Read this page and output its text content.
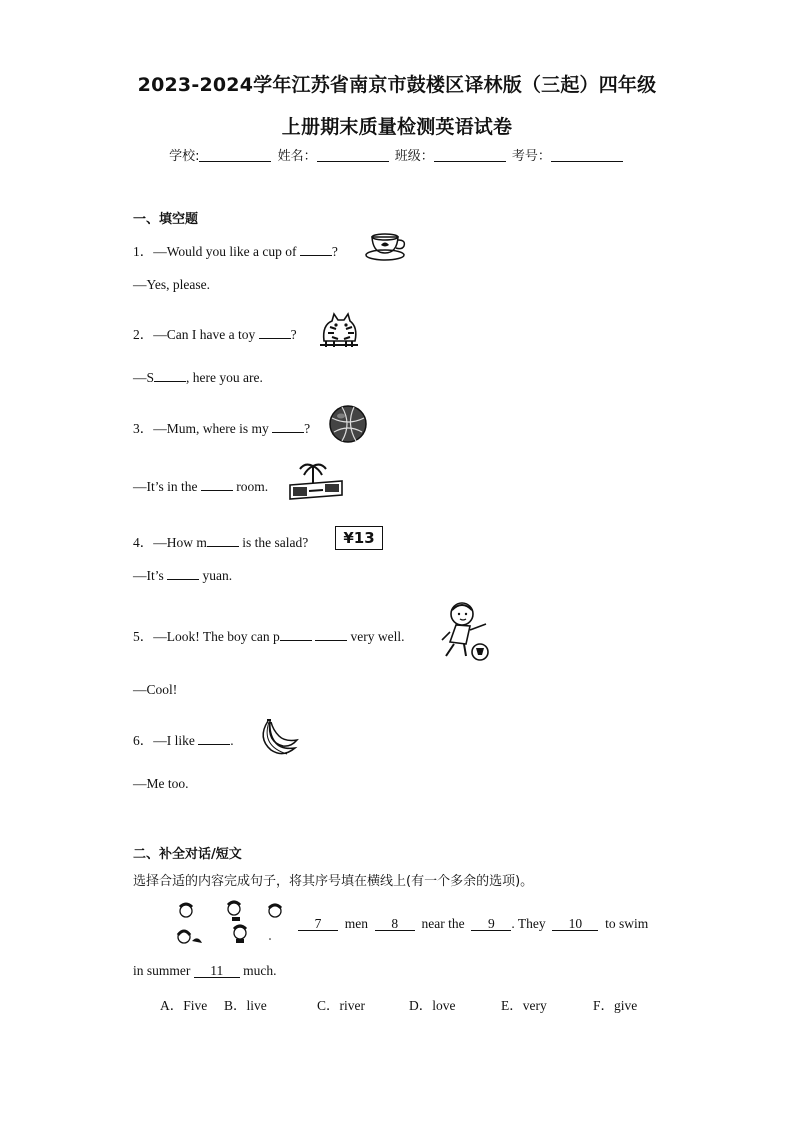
2023-2024学年江苏省南京市鼓楼区译林版（三起）四年级
上册期末质量检测英语试卷
学校:	姓名：	班级：	考号：
一、填空题
1．—Would you like a cup of	?
—Yes, please.
2．—Can I have a toy	?
—S , here you are.
3．—Mum, where is my	?
—It’s in the	room.
4．—How m	is the salad?	¥13
—It’s	yuan.
5．—Look! The boy can p	very well.
—Cool!
6．—I like	.
—Me too.
二、补全对话/短文
选择合适的内容完成句子，将其序号填在横线上(有一个多余的选项)。
7 men 8 near the 9 . They 10 to swim
in summer 11 much.
A．Five B．live	C．river	D．love	E．very	F．give
